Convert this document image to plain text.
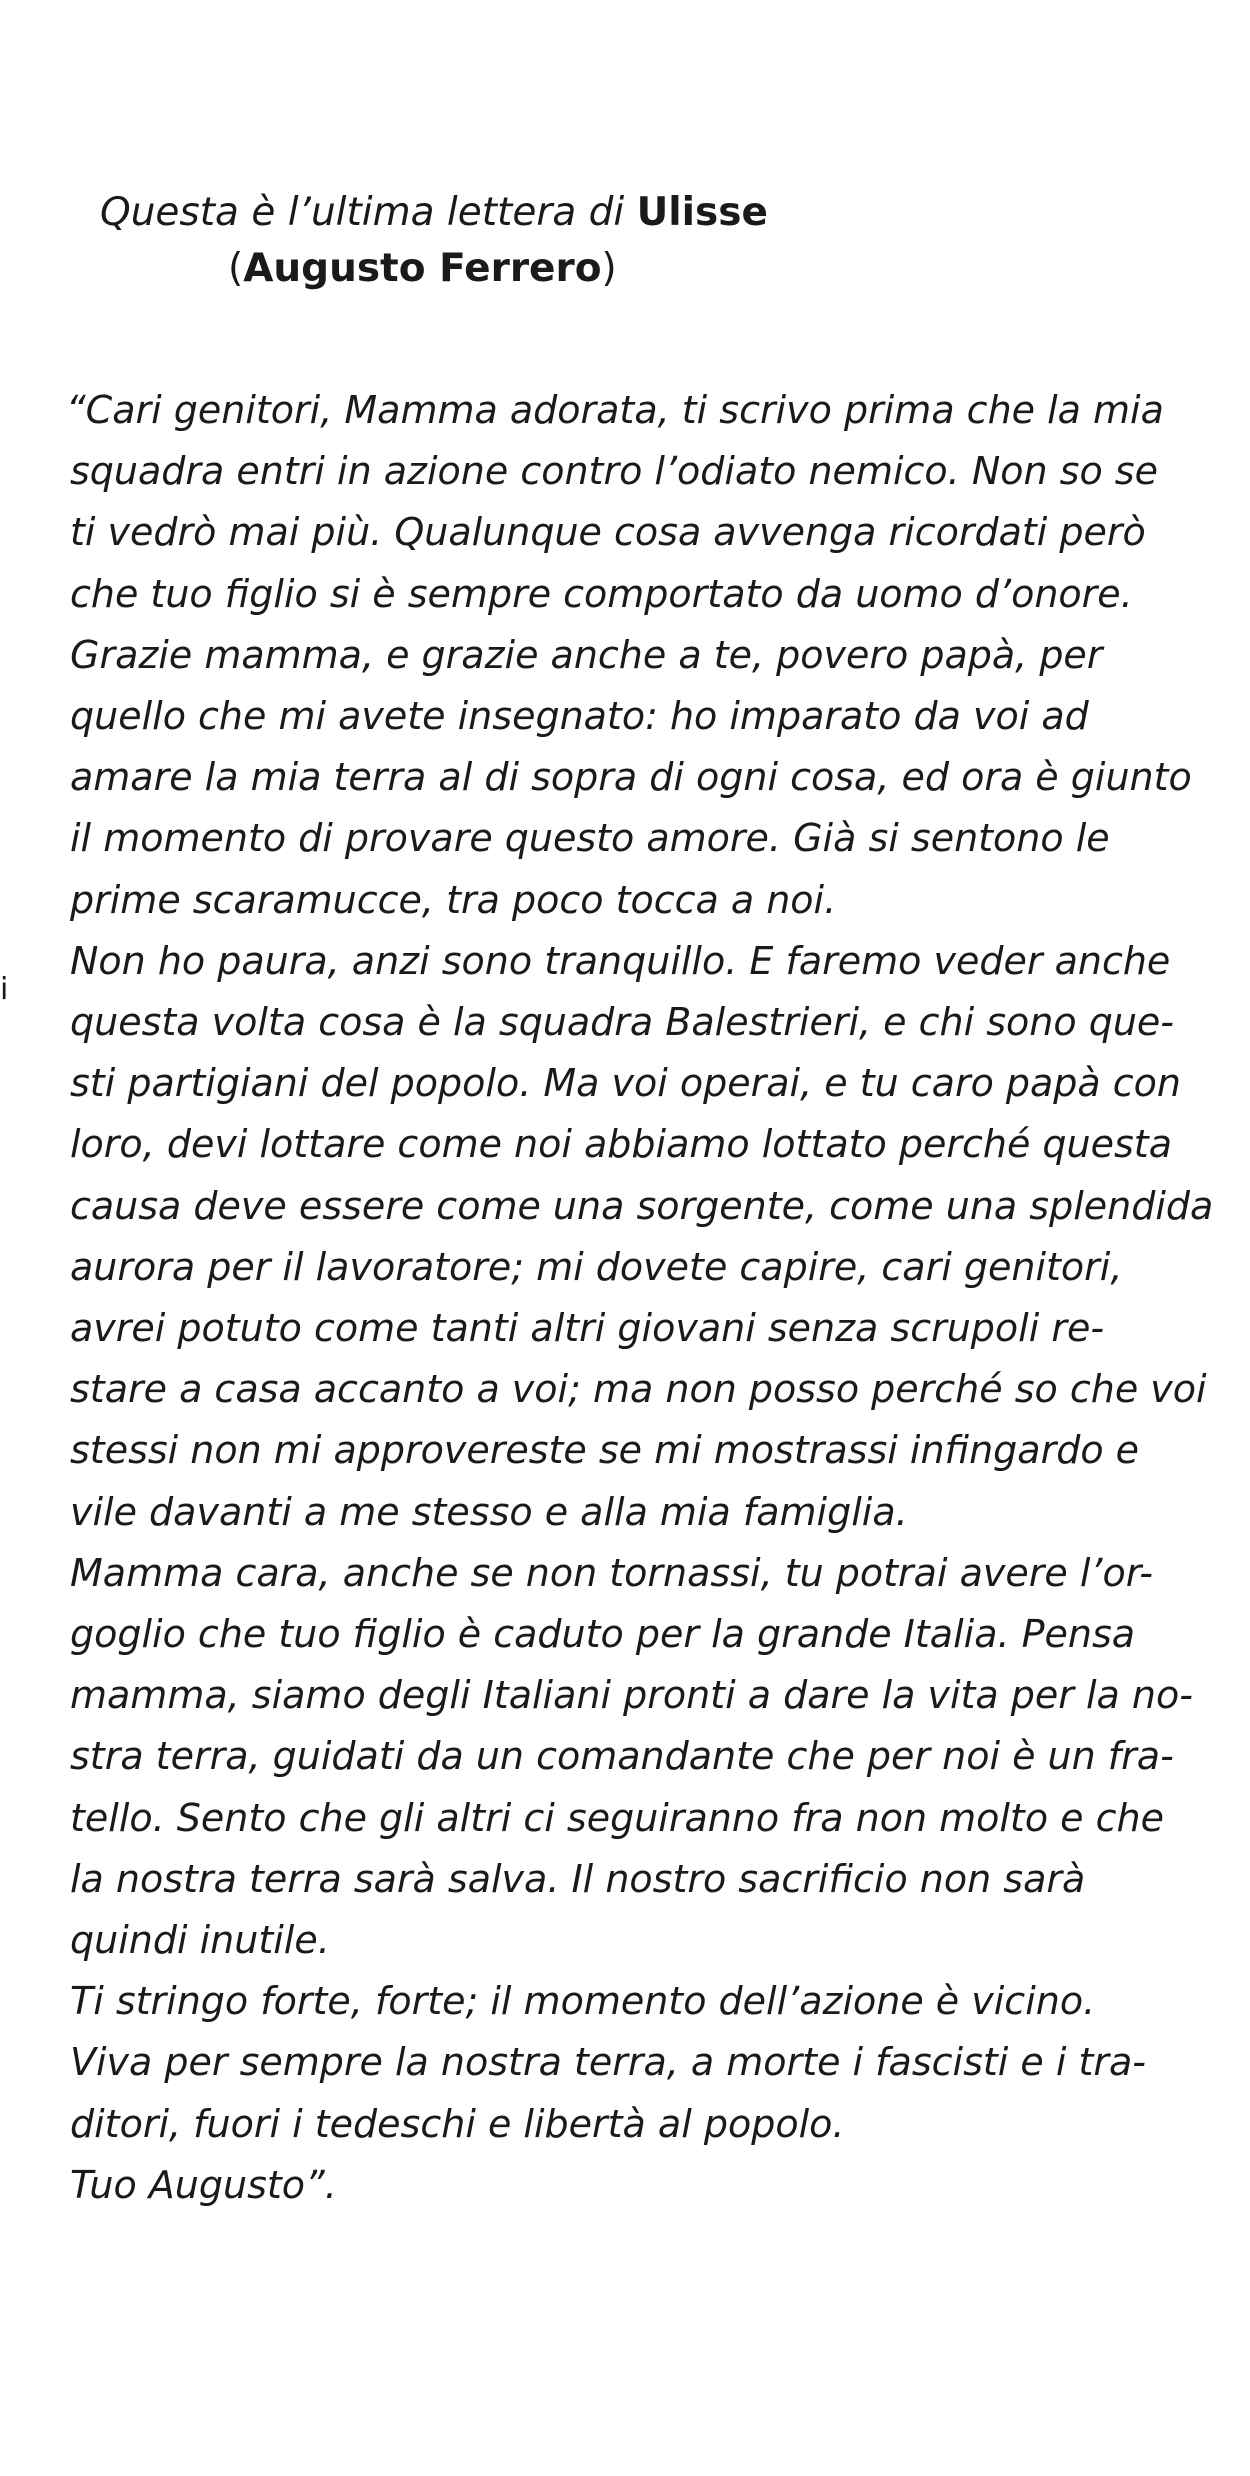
Questa è l’ultima lettera di Ulisse
(Augusto Ferrero)
i
“Cari genitori, Mamma adorata, ti scrivo prima che la mia
squadra entri in azione contro l’odiato nemico. Non so se
ti vedrò mai più. Qualunque cosa avvenga ricordati però
che tuo figlio si è sempre comportato da uomo d’onore.
Grazie mamma, e grazie anche a te, povero papà, per
quello che mi avete insegnato: ho imparato da voi ad
amare la mia terra al di sopra di ogni cosa, ed ora è giunto
il momento di provare questo amore. Già si sentono le
prime scaramucce, tra poco tocca a noi.
Non ho paura, anzi sono tranquillo. E faremo veder anche
questa volta cosa è la squadra Balestrieri, e chi sono que-
sti partigiani del popolo. Ma voi operai, e tu caro papà con
loro, devi lottare come noi abbiamo lottato perché questa
causa deve essere come una sorgente, come una splendida
aurora per il lavoratore; mi dovete capire, cari genitori,
avrei potuto come tanti altri giovani senza scrupoli re-
stare a casa accanto a voi; ma non posso perché so che voi
stessi non mi approvereste se mi mostrassi infingardo e
vile davanti a me stesso e alla mia famiglia.
Mamma cara, anche se non tornassi, tu potrai avere l’or-
goglio che tuo figlio è caduto per la grande Italia. Pensa
mamma, siamo degli Italiani pronti a dare la vita per la no-
stra terra, guidati da un comandante che per noi è un fra-
tello. Sento che gli altri ci seguiranno fra non molto e che
la nostra terra sarà salva. Il nostro sacrificio non sarà
quindi inutile.
Ti stringo forte, forte; il momento dell’azione è vicino.
Viva per sempre la nostra terra, a morte i fascisti e i tra-
ditori, fuori i tedeschi e libertà al popolo.
Tuo Augusto”.
